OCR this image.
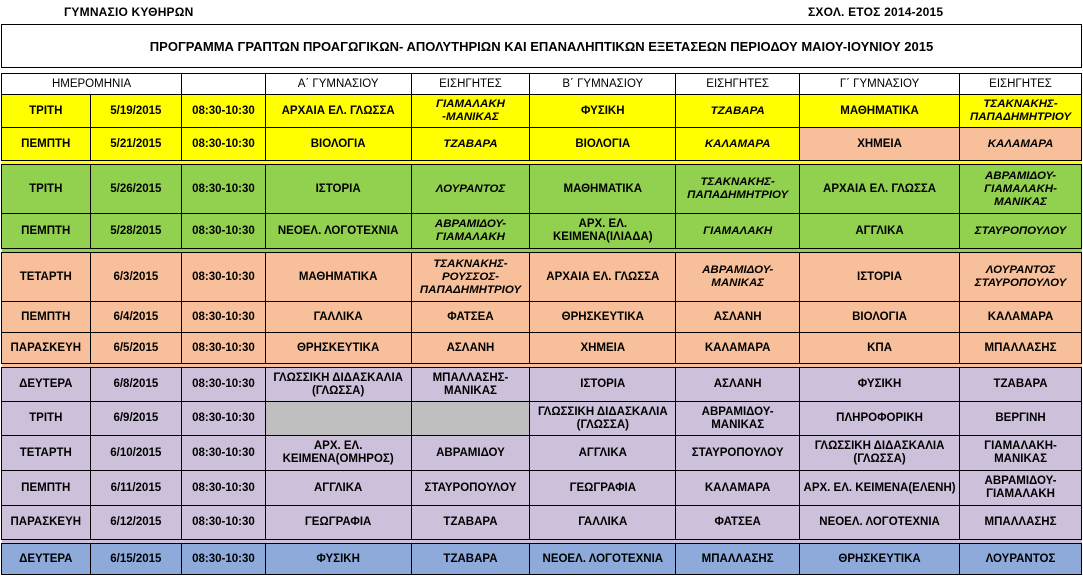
ΓΥΜΝΑΣΙΟ ΚΥΘΗΡΩΝ	ΣΧΟΛ. ΕΤΟΣ 2014-2015
ΠΡΟΓΡΑΜΜΑ ΓΡΑΠΤΩΝ ΠΡΟΑΓΩΓΙΚΩΝ- ΑΠΟΛΥΤΗΡΙΩΝ ΚΑΙ ΕΠΑΝΑΛΗΠΤΙΚΩΝ ΕΞΕΤΑΣΕΩΝ ΠΕΡΙΟΔΟΥ ΜΑΙΟΥ-ΙΟΥΝΙΟΥ 2015								

ΗΜΕΡΟΜΗΝΙΑ			Α΄ ΓΥΜΝΑΣΙΟΥ	ΕΙΣΗΓΗΤΕΣ	Β΄ ΓΥΜΝΑΣΙΟΥ	ΕΙΣΗΓΗΤΕΣ	Γ΄ ΓΥΜΝΑΣΙΟΥ	ΕΙΣΗΓΗΤΕΣ
ΤΡΙΤΗ	5/19/2015	08:30-10:30	ΑΡΧΑΙΑ ΕΛ. ΓΛΩΣΣΑ	ΓΙΑΜΑΛΑΚΗ -ΜΑΝΙΚΑΣ	ΦΥΣΙΚΗ	ΤΖΑΒΑΡΑ	ΜΑΘΗΜΑΤΙΚΑ	ΤΣΑΚΝΑΚΗΣ-ΠΑΠΑΔΗΜΗΤΡΙΟΥ
ΠΕΜΠΤΗ	5/21/2015	08:30-10:30	ΒΙΟΛΟΓΙΑ	ΤΖΑΒΑΡΑ	ΒΙΟΛΟΓΙΑ	ΚΑΛΑΜΑΡΑ	ΧΗΜΕΙΑ	ΚΑΛΑΜΑΡΑ

ΤΡΙΤΗ	5/26/2015	08:30-10:30	ΙΣΤΟΡΙΑ	ΛΟΥΡΑΝΤΟΣ	ΜΑΘΗΜΑΤΙΚΑ	ΤΣΑΚΝΑΚΗΣ-ΠΑΠΑΔΗΜΗΤΡΙΟΥ	ΑΡΧΑΙΑ ΕΛ. ΓΛΩΣΣΑ	ΑΒΡΑΜΙΔΟΥ-ΓΙΑΜΑΛΑΚΗ-ΜΑΝΙΚΑΣ
ΠΕΜΠΤΗ	5/28/2015	08:30-10:30	ΝΕΟΕΛ. ΛΟΓΟΤΕΧΝΙΑ	ΑΒΡΑΜΙΔΟΥ-ΓΙΑΜΑΛΑΚΗ	ΑΡΧ. ΕΛ. ΚΕΙΜΕΝΑ(ΙΛΙΑΔΑ)	ΓΙΑΜΑΛΑΚΗ	ΑΓΓΛΙΚΑ	ΣΤΑΥΡΟΠΟΥΛΟΥ

ΤΕΤΑΡΤΗ	6/3/2015	08:30-10:30	ΜΑΘΗΜΑΤΙΚΑ	ΤΣΑΚΝΑΚΗΣ-ΡΟΥΣΣΟΣ-ΠΑΠΑΔΗΜΗΤΡΙΟΥ	ΑΡΧΑΙΑ ΕΛ. ΓΛΩΣΣΑ	ΑΒΡΑΜΙΔΟΥ-ΜΑΝΙΚΑΣ	ΙΣΤΟΡΙΑ	ΛΟΥΡΑΝΤΟΣ ΣΤΑΥΡΟΠΟΥΛΟΥ
ΠΕΜΠΤΗ	6/4/2015	08:30-10:30	ΓΑΛΛΙΚΑ	ΦΑΤΣΕΑ	ΘΡΗΣΚΕΥΤΙΚΑ	ΑΣΛΑΝΗ	ΒΙΟΛΟΓΙΑ	ΚΑΛΑΜΑΡΑ
ΠΑΡΑΣΚΕΥΗ	6/5/2015	08:30-10:30	ΘΡΗΣΚΕΥΤΙΚΑ	ΑΣΛΑΝΗ	ΧΗΜΕΙΑ	ΚΑΛΑΜΑΡΑ	ΚΠΑ	ΜΠΑΛΛΑΣΗΣ

ΔΕΥΤΕΡΑ	6/8/2015	08:30-10:30	ΓΛΩΣΣΙΚΗ ΔΙΔΑΣΚΑΛΙΑ (ΓΛΩΣΣΑ)	ΜΠΑΛΛΑΣΗΣ-ΜΑΝΙΚΑΣ	ΙΣΤΟΡΙΑ	ΑΣΛΑΝΗ	ΦΥΣΙΚΗ	ΤΖΑΒΑΡΑ
ΤΡΙΤΗ	6/9/2015	08:30-10:30			ΓΛΩΣΣΙΚΗ ΔΙΔΑΣΚΑΛΙΑ (ΓΛΩΣΣΑ)	ΑΒΡΑΜΙΔΟΥ-ΜΑΝΙΚΑΣ	ΠΛΗΡΟΦΟΡΙΚΗ	ΒΕΡΓΙΝΗ
ΤΕΤΑΡΤΗ	6/10/2015	08:30-10:30	ΑΡΧ. ΕΛ. ΚΕΙΜΕΝΑ(ΟΜΗΡΟΣ)	ΑΒΡΑΜΙΔΟΥ	ΑΓΓΛΙΚΑ	ΣΤΑΥΡΟΠΟΥΛΟΥ	ΓΛΩΣΣΙΚΗ ΔΙΔΑΣΚΑΛΙΑ (ΓΛΩΣΣΑ)	ΓΙΑΜΑΛΑΚΗ-ΜΑΝΙΚΑΣ
ΠΕΜΠΤΗ	6/11/2015	08:30-10:30	ΑΓΓΛΙΚΑ	ΣΤΑΥΡΟΠΟΥΛΟΥ	ΓΕΩΓΡΑΦΙΑ	ΚΑΛΑΜΑΡΑ	ΑΡΧ. ΕΛ. ΚΕΙΜΕΝΑ(ΕΛΕΝΗ)	ΑΒΡΑΜΙΔΟΥ-ΓΙΑΜΑΛΑΚΗ
ΠΑΡΑΣΚΕΥΗ	6/12/2015	08:30-10:30	ΓΕΩΓΡΑΦΙΑ	ΤΖΑΒΑΡΑ	ΓΑΛΛΙΚΑ	ΦΑΤΣΕΑ	ΝΕΟΕΛ. ΛΟΓΟΤΕΧΝΙΑ	ΜΠΑΛΛΑΣΗΣ

ΔΕΥΤΕΡΑ	6/15/2015	08:30-10:30	ΦΥΣΙΚΗ	ΤΖΑΒΑΡΑ	ΝΕΟΕΛ. ΛΟΓΟΤΕΧΝΙΑ	ΜΠΑΛΛΑΣΗΣ	ΘΡΗΣΚΕΥΤΙΚΑ	ΛΟΥΡΑΝΤΟΣ
